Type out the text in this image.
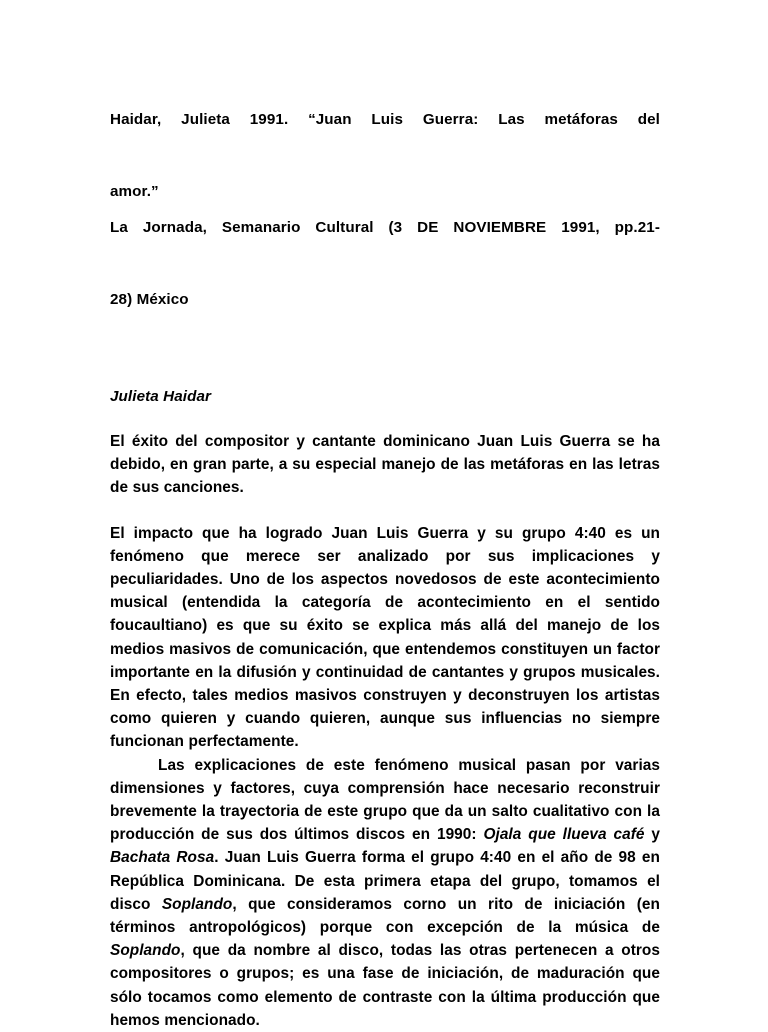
Haidar, Julieta 1991. “Juan Luis Guerra: Las metáforas del

amor.”

La Jornada, Semanario Cultural (3 DE NOVIEMBRE 1991, pp.21-

28) México

Julieta Haidar

El éxito del compositor y cantante dominicano Juan Luis Guerra se ha debido, en gran parte, a su especial manejo de las metáforas en las letras de sus canciones.

El impacto que ha logrado Juan Luis Guerra y su grupo 4:40 es un fenómeno que merece ser analizado por sus implicaciones y peculiaridades. Uno de los aspectos novedosos de este acontecimiento musical (entendida la categoría de acontecimiento en el sentido foucaultiano) es que su éxito se explica más allá del manejo de los medios masivos de comunicación, que entendemos constituyen un factor importante en la difusión y continuidad de cantantes y grupos musicales. En efecto, tales medios masivos construyen y deconstruyen los artistas como quieren y cuando quieren, aunque sus influencias no siempre funcionan perfectamente.

Las explicaciones de este fenómeno musical pasan por varias dimensiones y factores, cuya comprensión hace necesario reconstruir brevemente la trayectoria de este grupo que da un salto cualitativo con la producción de sus dos últimos discos en 1990: Ojala que llueva café y Bachata Rosa. Juan Luis Guerra forma el grupo 4:40 en el año de 98 en República Dominicana. De esta primera etapa del grupo, tomamos el disco Soplando, que consideramos corno un rito de iniciación (en términos antropológicos) porque con excepción de la música de Soplando, que da nombre al disco, todas las otras pertenecen a otros compositores o grupos; es una fase de iniciación, de maduración que sólo tocamos como elemento de contraste con la última producción que hemos mencionado.
